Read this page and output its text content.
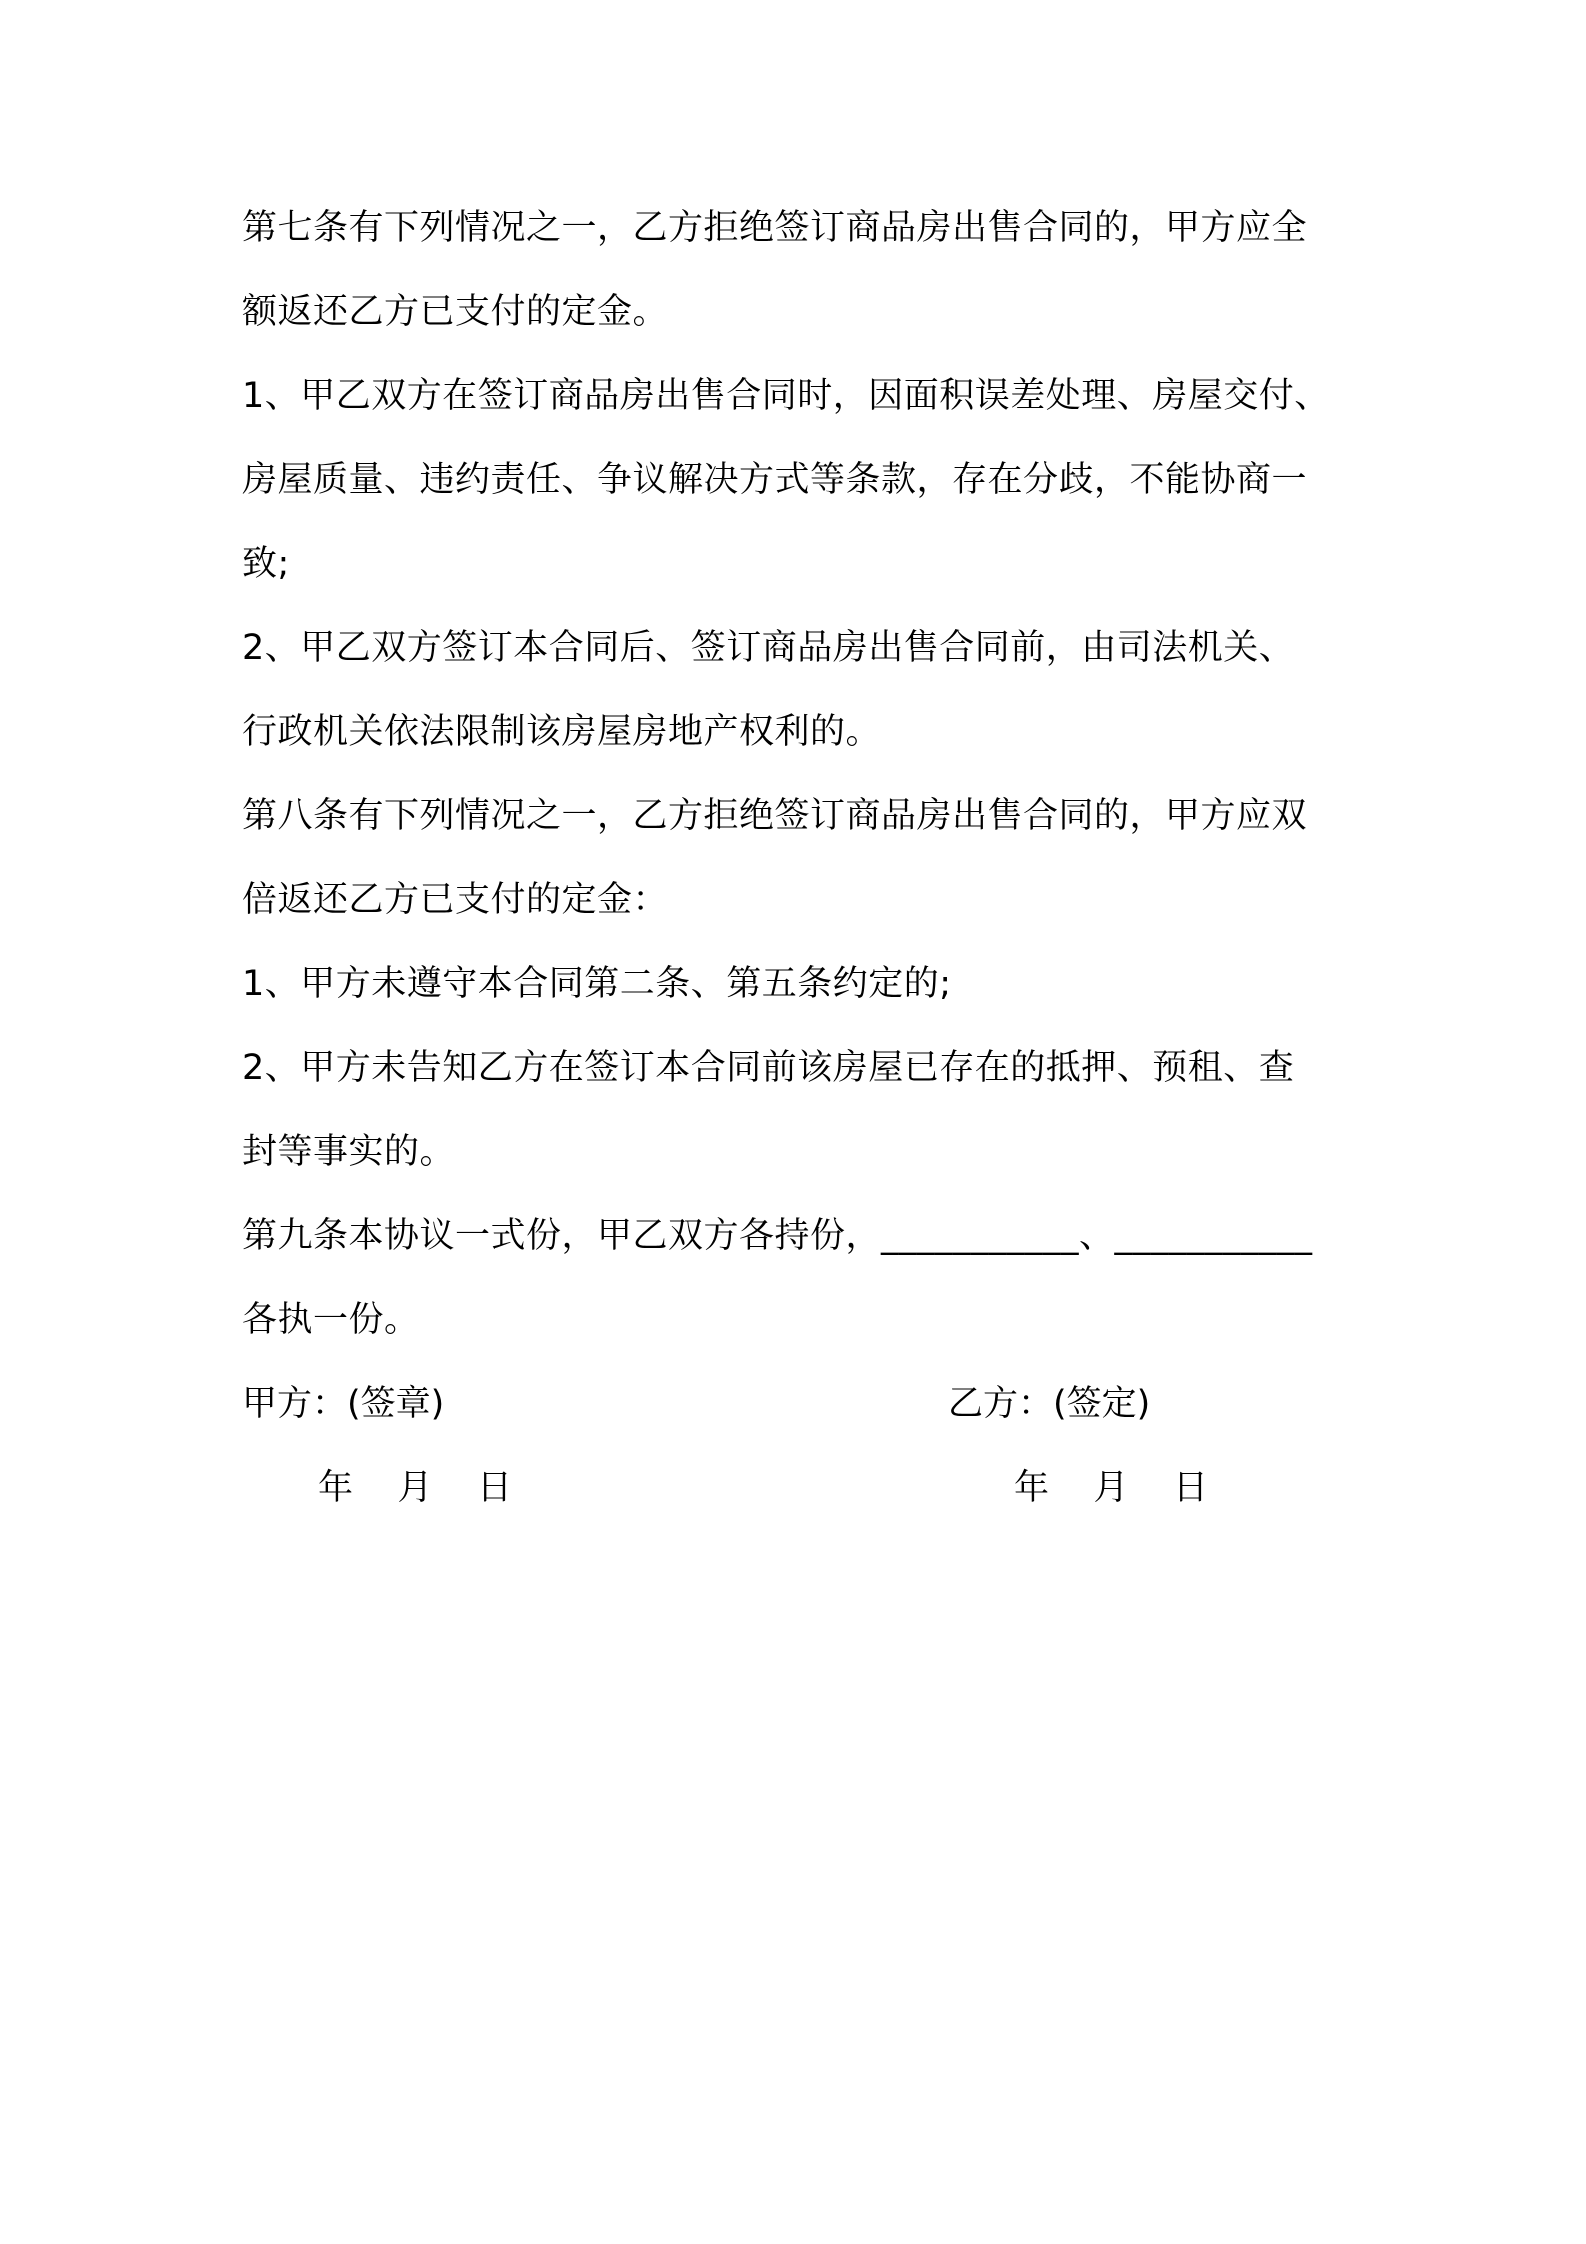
第七条有下列情况之一，乙方拒绝签订商品房出售合同的，甲方应全
额返还乙方已支付的定金。
1、甲乙双方在签订商品房出售合同时，因面积误差处理、房屋交付、
房屋质量、违约责任、争议解决方式等条款，存在分歧，不能协商一
致;
2、甲乙双方签订本合同后、签订商品房出售合同前，由司法机关、
行政机关依法限制该房屋房地产权利的。
第八条有下列情况之一，乙方拒绝签订商品房出售合同的，甲方应双
倍返还乙方已支付的定金：
1、甲方未遵守本合同第二条、第五条约定的;
2、甲方未告知乙方在签订本合同前该房屋已存在的抵押、预租、查
封等事实的。
第九条本协议一式份，甲乙双方各持份，___________、___________
各执一份。
甲方：(签章)	乙方：(签定)
年    月    日	年    月    日
